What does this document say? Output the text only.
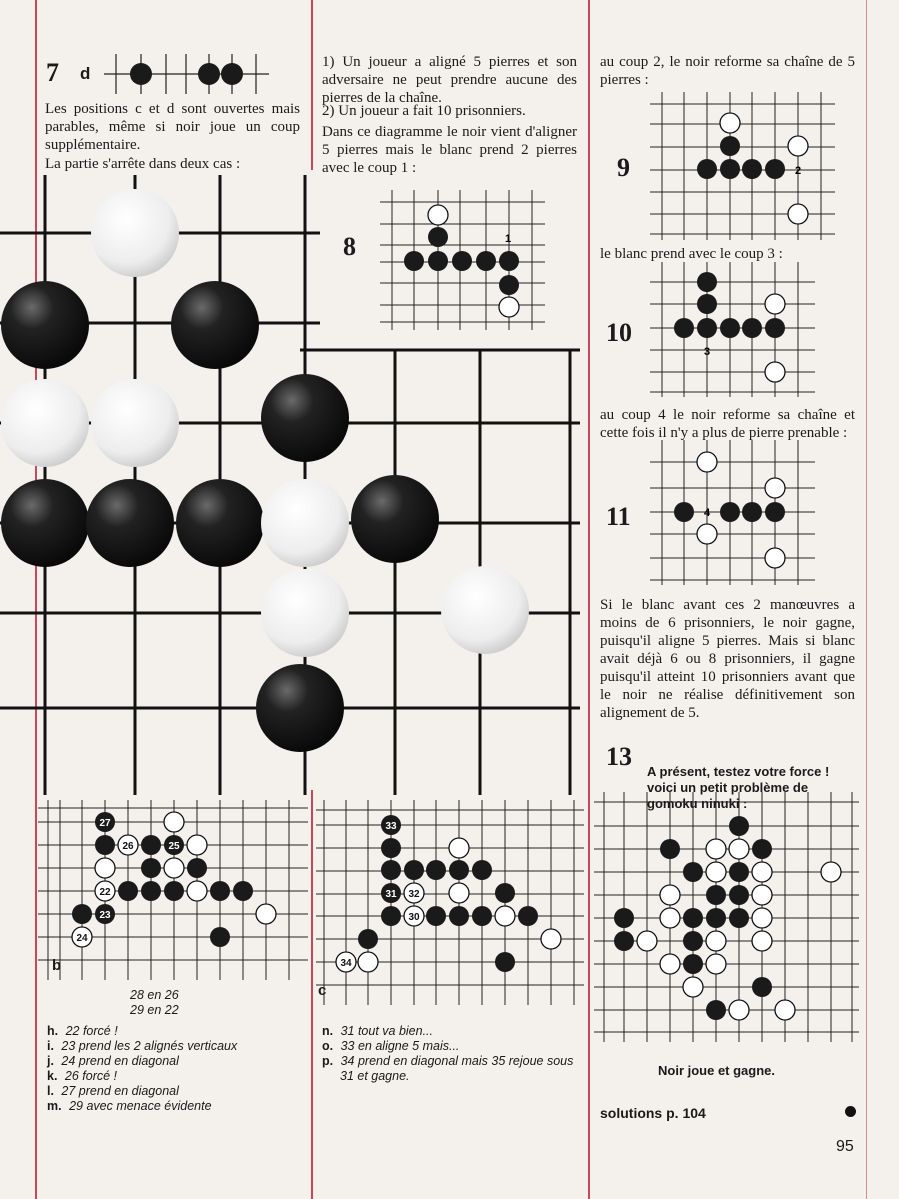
7 d
Les positions c et d sont ouvertes mais parables, même si noir joue un coup supplémentaire.
La partie s'arrête dans deux cas :
1) Un joueur a aligné 5 pierres et son adversaire ne peut prendre aucune des pierres de la chaîne.
2) Un joueur a fait 10 prisonniers.
Dans ce diagramme le noir vient d'aligner 5 pierres mais le blanc prend 2 pierres avec le coup 1 :
8	1
au coup 2, le noir reforme sa chaîne de 5 pierres :
9	2
le blanc prend avec le coup 3 :
10
3
au coup 4 le noir reforme sa chaîne et cette fois il n'y a plus de pierre prenable :
11	4
Si le blanc avant ces 2 manœuvres a moins de 6 prisonniers, le noir gagne, puisqu'il aligne 5 pierres. Mais si blanc avait déjà 6 ou 8 prisonniers, il gagne puisqu'il atteint 10 prisonniers avant que le noir ne réalise définitivement son alignement de 5.
13
A présent, testez votre force ! voici un petit problème de gomoku ninuki :
Noir joue et gagne.
solutions p. 104
27
26	25
22
23
24
b
28 en 26
29 en 22
h. 22 forcé !
i. 23 prend les 2 alignés verticaux
j. 24 prend en diagonal
k. 26 forcé !
l. 27 prend en diagonal
m. 29 avec menace évidente
33
31 32
30
34
c
n. 31 tout va bien...
o. 33 en aligne 5 mais...
p. 34 prend en diagonal mais 35 rejoue sous 31 et gagne.
95
